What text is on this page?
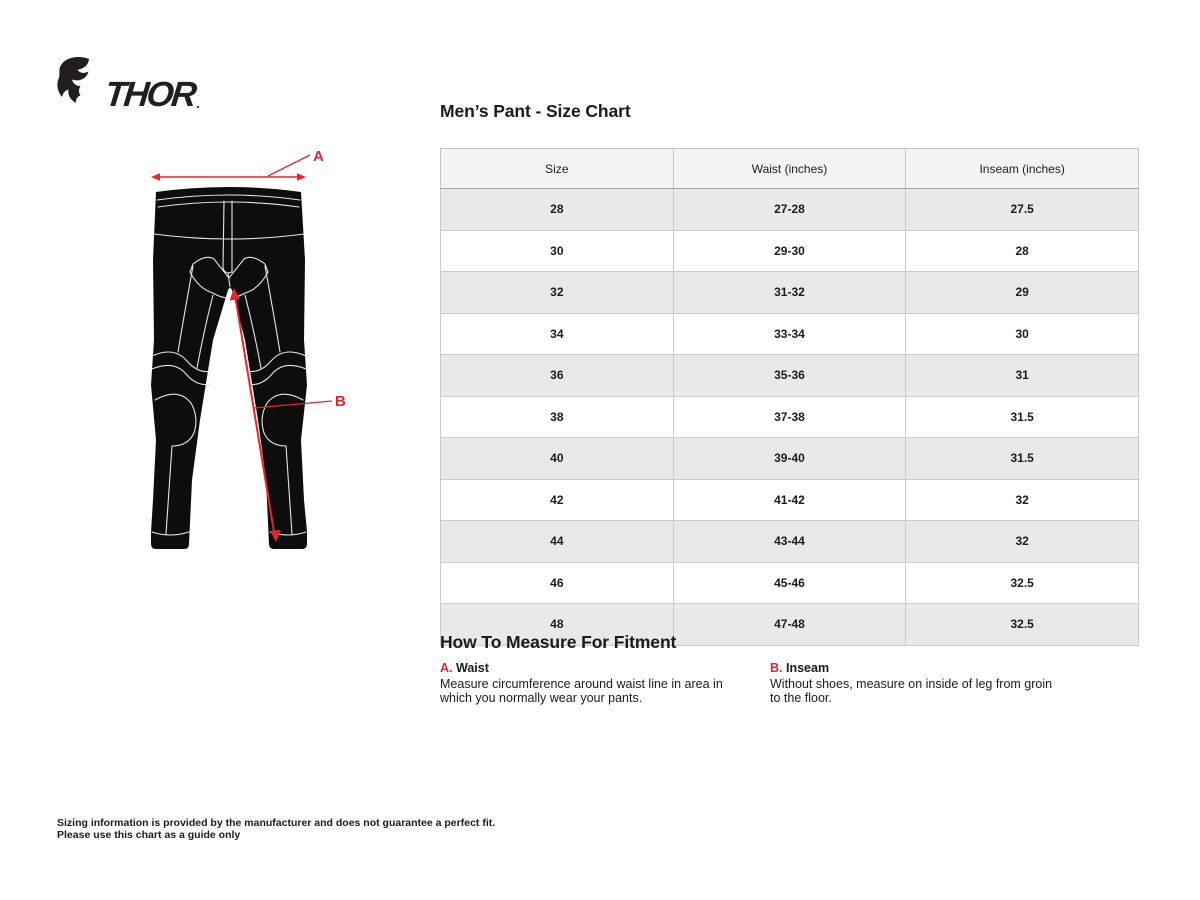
THOR .
A
B
Men’s Pant - Size Chart
Size	Waist (inches)	Inseam (inches)
28	27-28	27.5
30	29-30	28
32	31-32	29
34	33-34	30
36	35-36	31
38	37-38	31.5
40	39-40	31.5
42	41-42	32
44	43-44	32
46	45-46	32.5
48	47-48	32.5
How To Measure For Fitment
A. Waist
Measure circumference around waist line in area in which you normally wear your pants.
B. Inseam
Without shoes, measure on inside of leg from groin to the floor.
Sizing information is provided by the manufacturer and does not guarantee a perfect fit.
Please use this chart as a guide only
